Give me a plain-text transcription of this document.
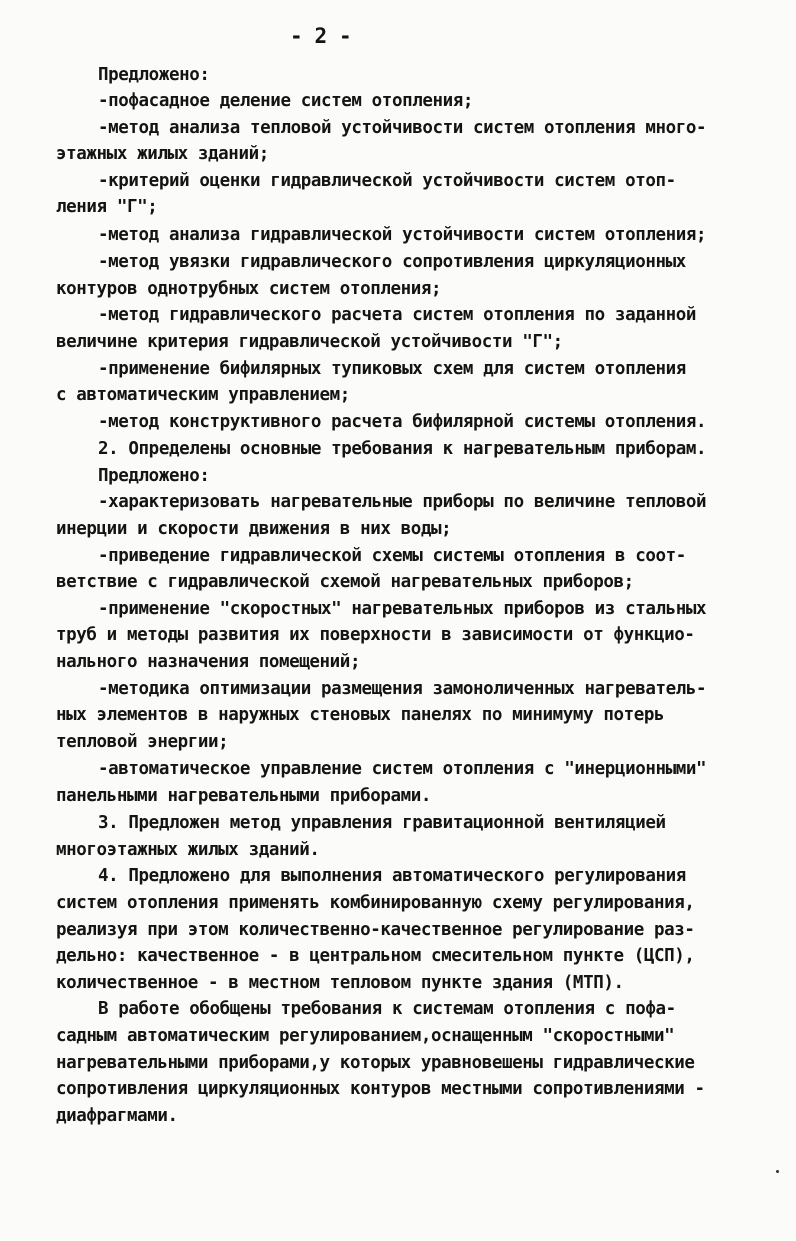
- 2 -
Предложено:
-пофасадное деление систем отопления;
-метод анализа тепловой устойчивости систем отопления много-
этажных жилых зданий;
-критерий оценки гидравлической устойчивости систем отоп-
ления "Г";
-метод анализа гидравлической устойчивости систем отопления;
-метод увязки гидравлического сопротивления циркуляционных
контуров однотрубных систем отопления;
-метод гидравлического расчета систем отопления по заданной
величине критерия гидравлической устойчивости "Г";
-применение бифилярных тупиковых схем для систем отопления
с автоматическим управлением;
-метод конструктивного расчета бифилярной системы отопления.
2. Определены основные требования к нагревательным приборам.
Предложено:
-характеризовать нагревательные приборы по величине тепловой
инерции и скорости движения в них воды;
-приведение гидравлической схемы системы отопления в соот-
ветствие с гидравлической схемой нагревательных приборов;
-применение "скоростных" нагревательных приборов из стальных
труб и методы развития их поверхности в зависимости от функцио-
нального назначения помещений;
-методика оптимизации размещения замоноличенных нагреватель-
ных элементов в наружных стеновых панелях по минимуму потерь
тепловой энергии;
-автоматическое управление систем отопления с "инерционными"
панельными нагревательными приборами.
3. Предложен метод управления гравитационной вентиляцией
многоэтажных жилых зданий.
4. Предложено для выполнения автоматического регулирования
систем отопления применять комбинированную схему регулирования,
реализуя при этом количественно-качественное регулирование раз-
дельно: качественное - в центральном смесительном пункте (ЦСП),
количественное - в местном тепловом пункте здания (МТП).
В работе обобщены требования к системам отопления с пофа-
садным автоматическим регулированием,оснащенным "скоростными"
нагревательными приборами,у которых уравновешены гидравлические
сопротивления циркуляционных контуров местными сопротивлениями -
диафрагмами.
